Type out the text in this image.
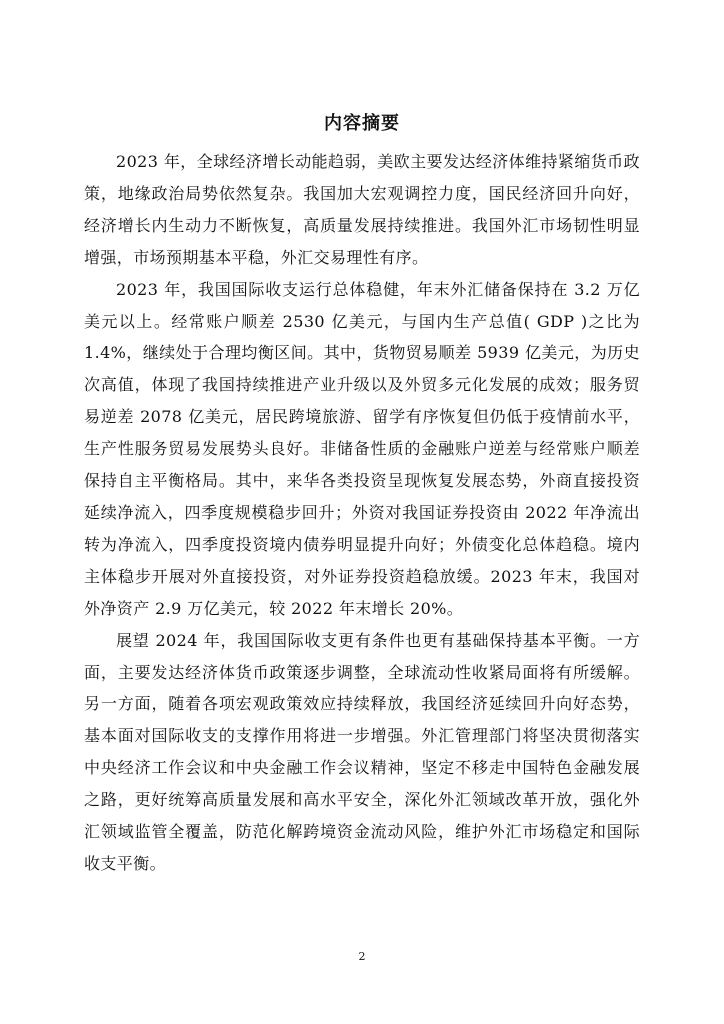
内容摘要

2023 年，全球经济增长动能趋弱，美欧主要发达经济体维持紧缩货币政策，地缘政治局势依然复杂。我国加大宏观调控力度，国民经济回升向好，经济增长内生动力不断恢复，高质量发展持续推进。我国外汇市场韧性明显增强，市场预期基本平稳，外汇交易理性有序。

2023 年，我国国际收支运行总体稳健，年末外汇储备保持在 3.2 万亿美元以上。经常账户顺差 2530 亿美元，与国内生产总值( GDP )之比为 1.4%，继续处于合理均衡区间。其中，货物贸易顺差 5939 亿美元，为历史次高值，体现了我国持续推进产业升级以及外贸多元化发展的成效；服务贸易逆差 2078 亿美元，居民跨境旅游、留学有序恢复但仍低于疫情前水平，生产性服务贸易发展势头良好。非储备性质的金融账户逆差与经常账户顺差保持自主平衡格局。其中，来华各类投资呈现恢复发展态势，外商直接投资延续净流入，四季度规模稳步回升；外资对我国证券投资由 2022 年净流出转为净流入，四季度投资境内债券明显提升向好；外债变化总体趋稳。境内主体稳步开展对外直接投资，对外证券投资趋稳放缓。2023 年末，我国对外净资产 2.9 万亿美元，较 2022 年末增长 20%。

展望 2024 年，我国国际收支更有条件也更有基础保持基本平衡。一方面，主要发达经济体货币政策逐步调整，全球流动性收紧局面将有所缓解。另一方面，随着各项宏观政策效应持续释放，我国经济延续回升向好态势，基本面对国际收支的支撑作用将进一步增强。外汇管理部门将坚决贯彻落实中央经济工作会议和中央金融工作会议精神，坚定不移走中国特色金融发展之路，更好统筹高质量发展和高水平安全，深化外汇领域改革开放，强化外汇领域监管全覆盖，防范化解跨境资金流动风险，维护外汇市场稳定和国际收支平衡。

2
